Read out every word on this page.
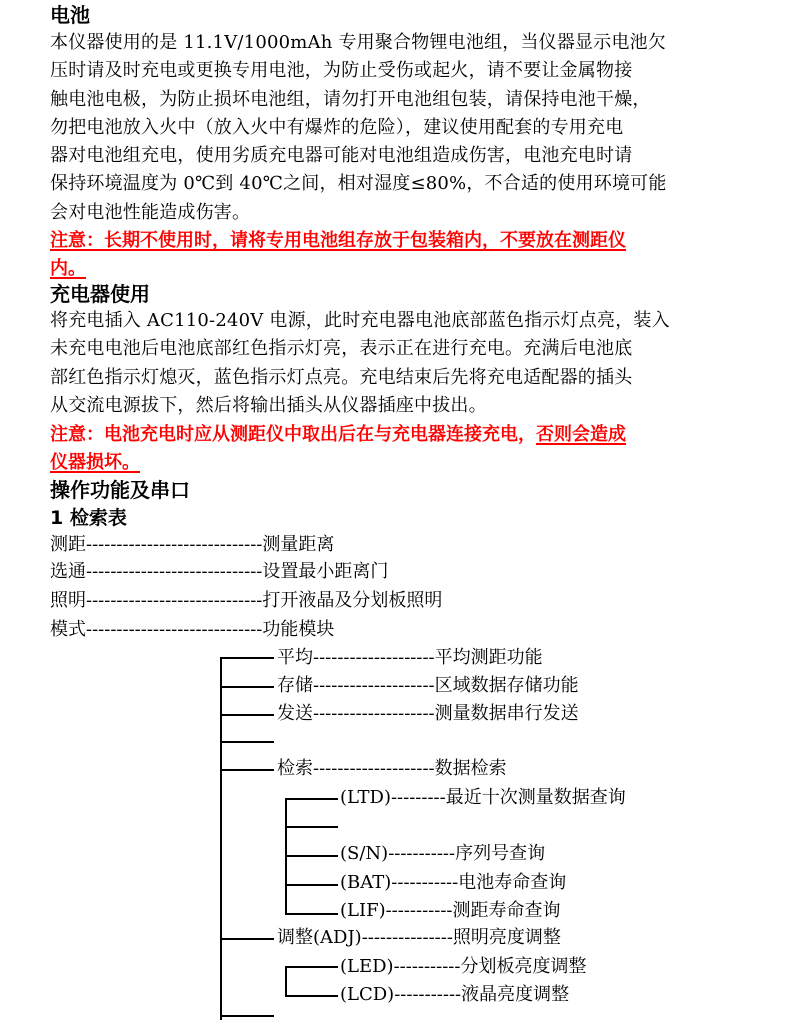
电池
本仪器使用的是 11.1V/1000mAh 专用聚合物锂电池组，当仪器显示电池欠
压时请及时充电或更换专用电池，为防止受伤或起火，请不要让金属物接
触电池电极，为防止损坏电池组，请勿打开电池组包装，请保持电池干燥，
勿把电池放入火中（放入火中有爆炸的危险），建议使用配套的专用充电
器对电池组充电，使用劣质充电器可能对电池组造成伤害，电池充电时请
保持环境温度为 0℃到 40℃之间，相对湿度≤80%，不合适的使用环境可能
会对电池性能造成伤害。
注意：长期不使用时，请将专用电池组存放于包装箱内，不要放在测距仪
内。
充电器使用
将充电插入 AC110-240V 电源，此时充电器电池底部蓝色指示灯点亮，装入
未充电电池后电池底部红色指示灯亮，表示正在进行充电。充满后电池底
部红色指示灯熄灭，蓝色指示灯点亮。充电结束后先将充电适配器的插头
从交流电源拔下，然后将输出插头从仪器插座中拔出。
注意：电池充电时应从测距仪中取出后在与充电器连接充电，否则会造成
仪器损坏。
操作功能及串口
1 检索表
测距-----------------------------测量距离
选通-----------------------------设置最小距离门
照明-----------------------------打开液晶及分划板照明
模式-----------------------------功能模块
平均--------------------平均测距功能
存储--------------------区域数据存储功能
发送--------------------测量数据串行发送
检索--------------------数据检索
调整(ADJ)---------------照明亮度调整
(LTD)---------最近十次测量数据查询
(S/N)-----------序列号查询
(BAT)-----------电池寿命查询
(LIF)-----------测距寿命查询
(LED)-----------分划板亮度调整
(LCD)-----------液晶亮度调整
